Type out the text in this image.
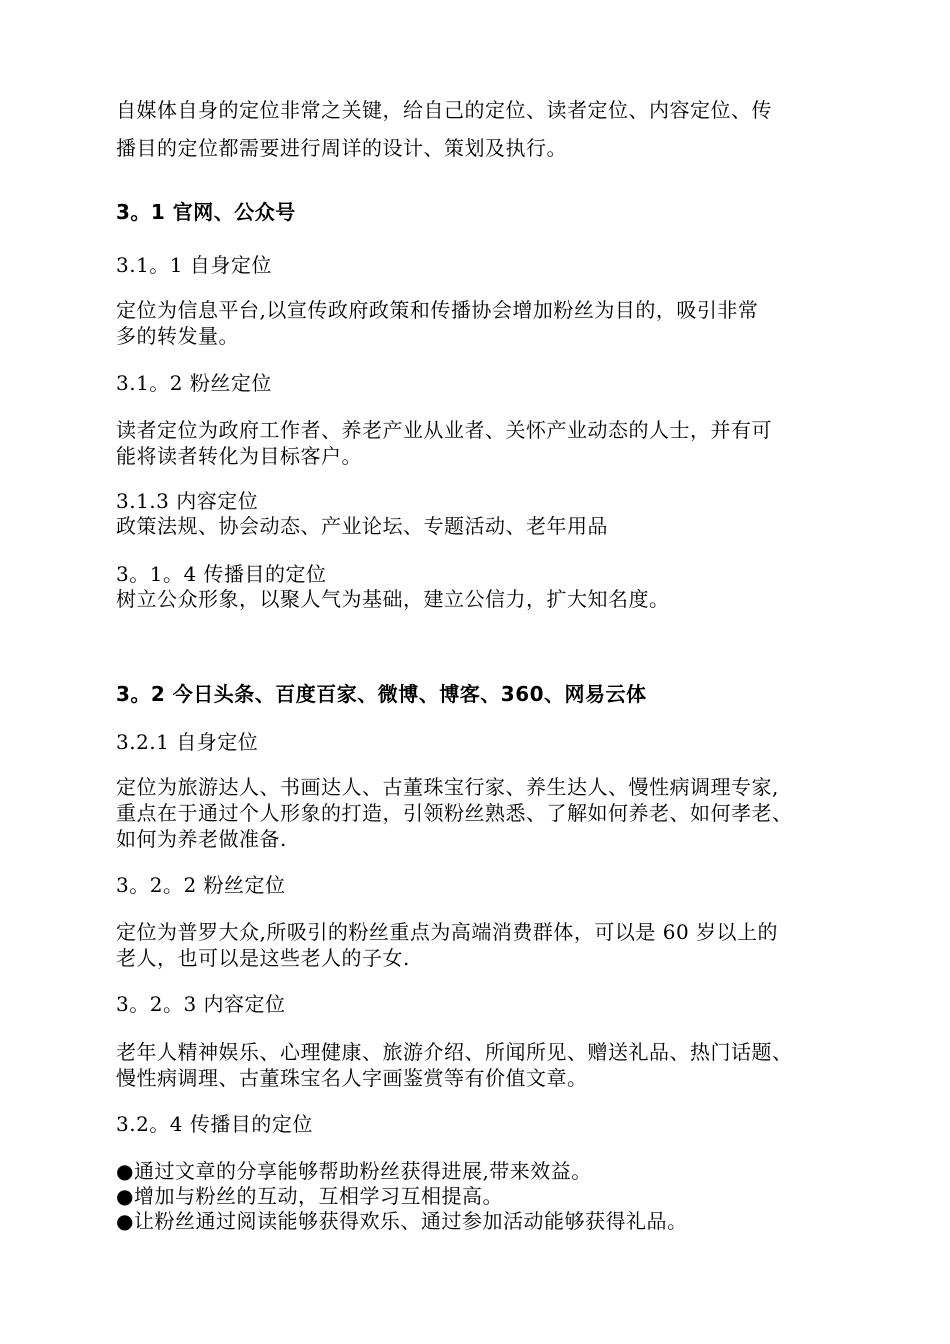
自媒体自身的定位非常之关键，给自己的定位、读者定位、内容定位、传
播目的定位都需要进行周详的设计、策划及执行。
3。1 官网、公众号
3.1。1 自身定位
定位为信息平台,以宣传政府政策和传播协会增加粉丝为目的，吸引非常
多的转发量。
3.1。2 粉丝定位
读者定位为政府工作者、养老产业从业者、关怀产业动态的人士，并有可
能将读者转化为目标客户。
3.1.3 内容定位
政策法规、协会动态、产业论坛、专题活动、老年用品
3。1。4 传播目的定位
树立公众形象，以聚人气为基础，建立公信力，扩大知名度。
3。2 今日头条、百度百家、微博、博客、360、网易云体
3.2.1 自身定位
定位为旅游达人、书画达人、古董珠宝行家、养生达人、慢性病调理专家,
重点在于通过个人形象的打造，引领粉丝熟悉、了解如何养老、如何孝老、
如何为养老做准备.
3。2。2 粉丝定位
定位为普罗大众,所吸引的粉丝重点为高端消费群体，可以是 60 岁以上的
老人，也可以是这些老人的子女.
3。2。3 内容定位
老年人精神娱乐、心理健康、旅游介绍、所闻所见、赠送礼品、热门话题、
慢性病调理、古董珠宝名人字画鉴赏等有价值文章。
3.2。4 传播目的定位
●通过文章的分享能够帮助粉丝获得进展,带来效益。
●增加与粉丝的互动，互相学习互相提高。
●让粉丝通过阅读能够获得欢乐、通过参加活动能够获得礼品。
